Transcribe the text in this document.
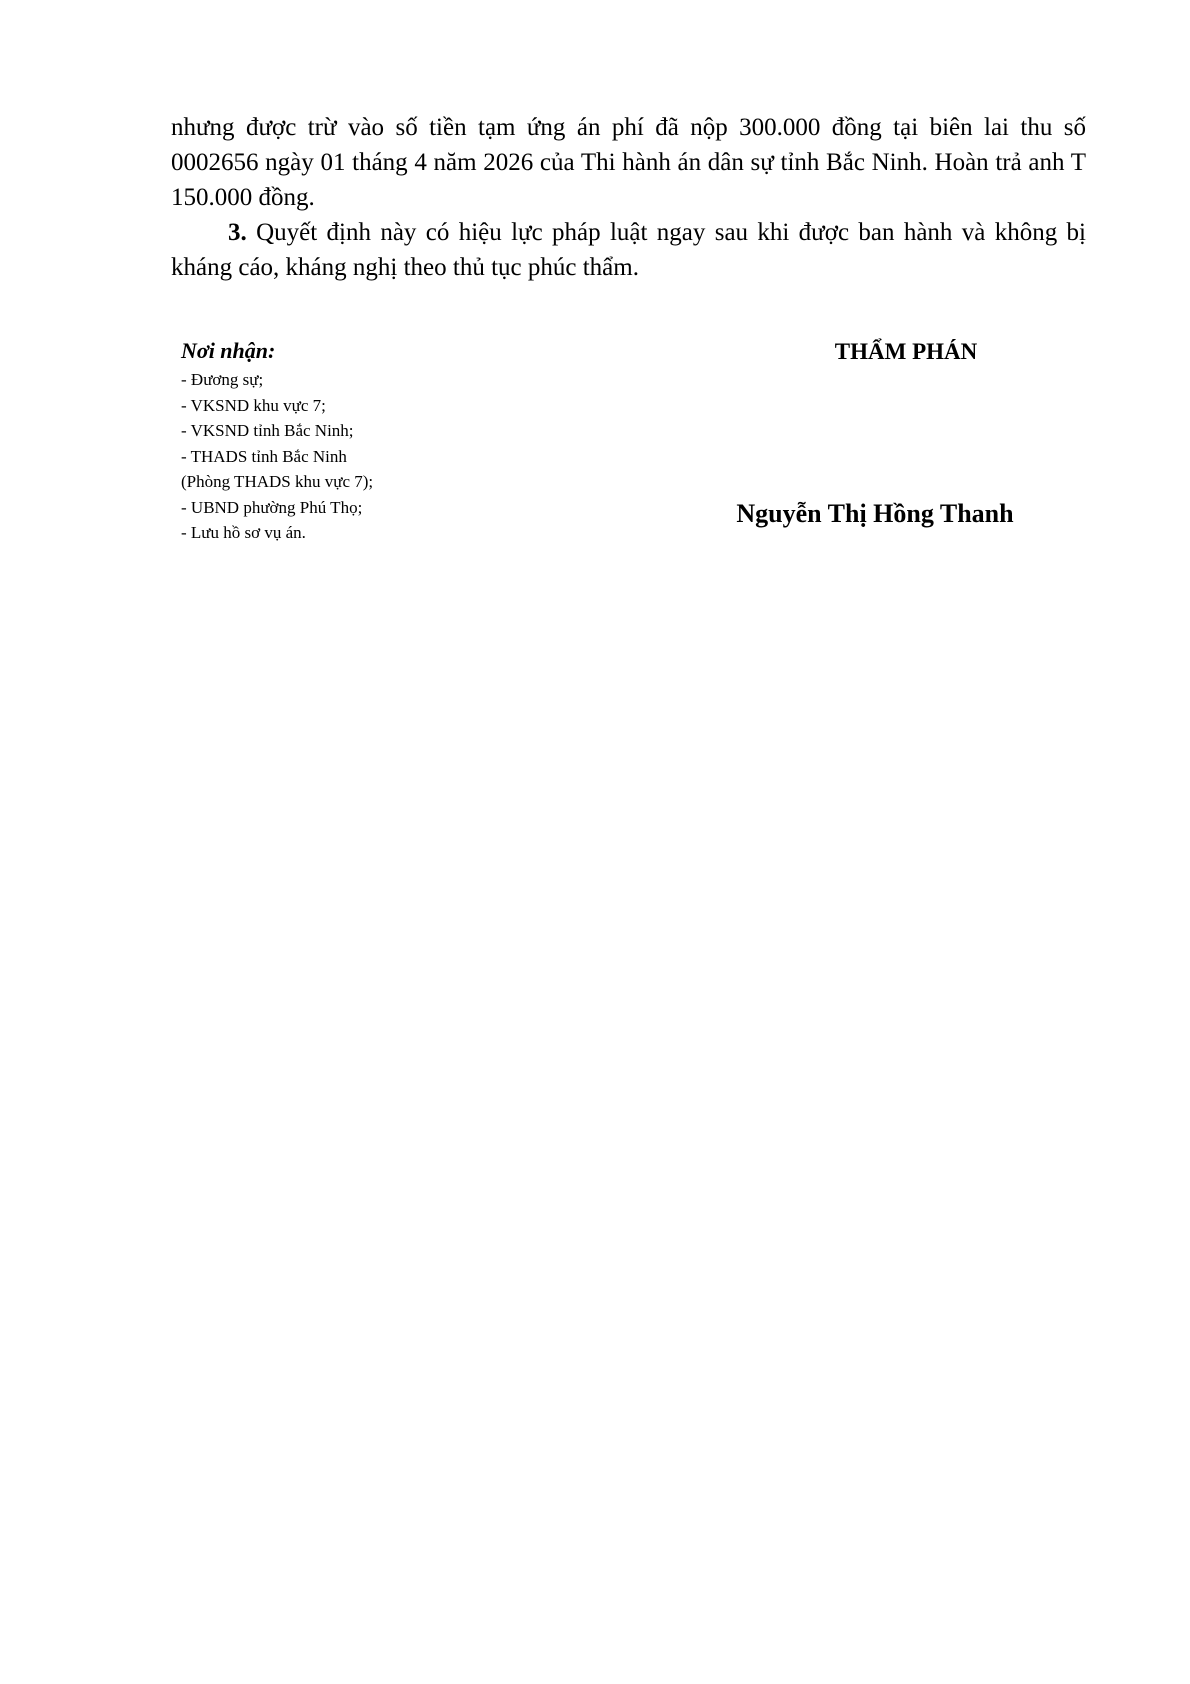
nhưng được trừ vào số tiền tạm ứng án phí đã nộp 300.000 đồng tại biên lai thu số 0002656 ngày 01 tháng 4 năm 2026 của Thi hành án dân sự tỉnh Bắc Ninh. Hoàn trả anh T 150.000 đồng.

3. Quyết định này có hiệu lực pháp luật ngay sau khi được ban hành và không bị kháng cáo, kháng nghị theo thủ tục phúc thẩm.

Nơi nhận:

- Đương sự;
- VKSND khu vực 7;
- VKSND tỉnh Bắc Ninh;
- THADS tỉnh Bắc Ninh
(Phòng THADS khu vực 7);
- UBND phường Phú Thọ;
- Lưu hồ sơ vụ án.

THẨM PHÁN

Nguyễn Thị Hồng Thanh
